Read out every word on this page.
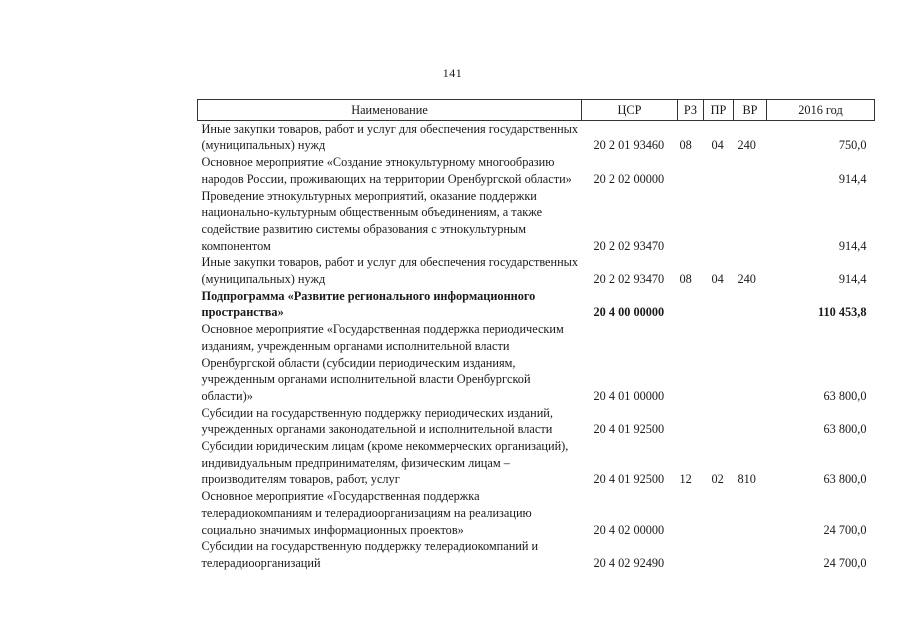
141
Наименование	ЦСР	РЗ	ПР	ВР	2016 год
Иные закупки товаров, работ и услуг для обеспечения государственных (муниципальных) нужд	20 2 01 93460	08	04	240	750,0
Основное мероприятие «Создание этнокультурному многообразию народов России, проживающих на территории Оренбургской области»	20 2 02 00000				914,4
Проведение этнокультурных мероприятий, оказание поддержки национально-культурным общественным объединениям, а также содействие развитию системы образования с этнокультурным компонентом	20 2 02 93470				914,4
Иные закупки товаров, работ и услуг для обеспечения государственных (муниципальных) нужд	20 2 02 93470	08	04	240	914,4
Подпрограмма «Развитие регионального информационного пространства»	20 4 00 00000				110 453,8
Основное мероприятие «Государственная поддержка периодическим изданиям, учрежденным органами исполнительной власти Оренбургской области (субсидии периодическим изданиям, учрежденным органами исполнительной власти Оренбургской области)»	20 4 01 00000				63 800,0
Субсидии на государственную поддержку периодических изданий, учрежденных органами законодательной и исполнительной власти	20 4 01 92500				63 800,0
Субсидии юридическим лицам (кроме некоммерческих организаций), индивидуальным предпринимателям, физическим лицам – производителям товаров, работ, услуг	20 4 01 92500	12	02	810	63 800,0
Основное мероприятие «Государственная поддержка телерадиокомпаниям и телерадиоорганизациям на реализацию социально значимых информационных проектов»	20 4 02 00000				24 700,0
Субсидии на государственную поддержку телерадиокомпаний и телерадиоорганизаций	20 4 02 92490				24 700,0
